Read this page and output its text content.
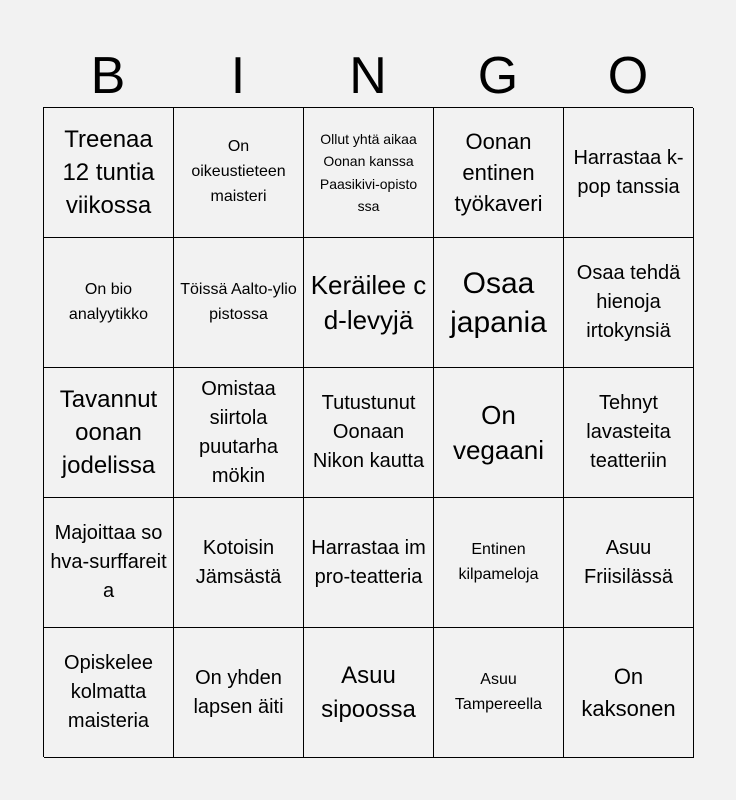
B	I	N	G	O
Treenaa 12 tuntia viikossa
On oikeustieteen maisteri
Ollut yhtä aikaa Oonan kanssa Paasikivi-opistossa
Oonan entinen työkaveri
Harrastaa k-pop tanssia
On bio analyytikko
Töissä Aalto-yliopistossa
Keräilee cd-levyjä
Osaa japania
Osaa tehdä hienoja irtokynsiä
Tavannut oonan jodelissa
Omistaa siirtola puutarha mökin
Tutustunut Oonaan Nikon kautta
On vegaani
Tehnyt lavasteita teatteriin
Majoittaa sohva-surffareita
Kotoisin Jämsästä
Harrastaa impro-teatteria
Entinen kilpameloja
Asuu Friisilässä
Opiskelee kolmatta maisteria
On yhden lapsen äiti
Asuu sipoossa
Asuu Tampereella
On kaksonen
